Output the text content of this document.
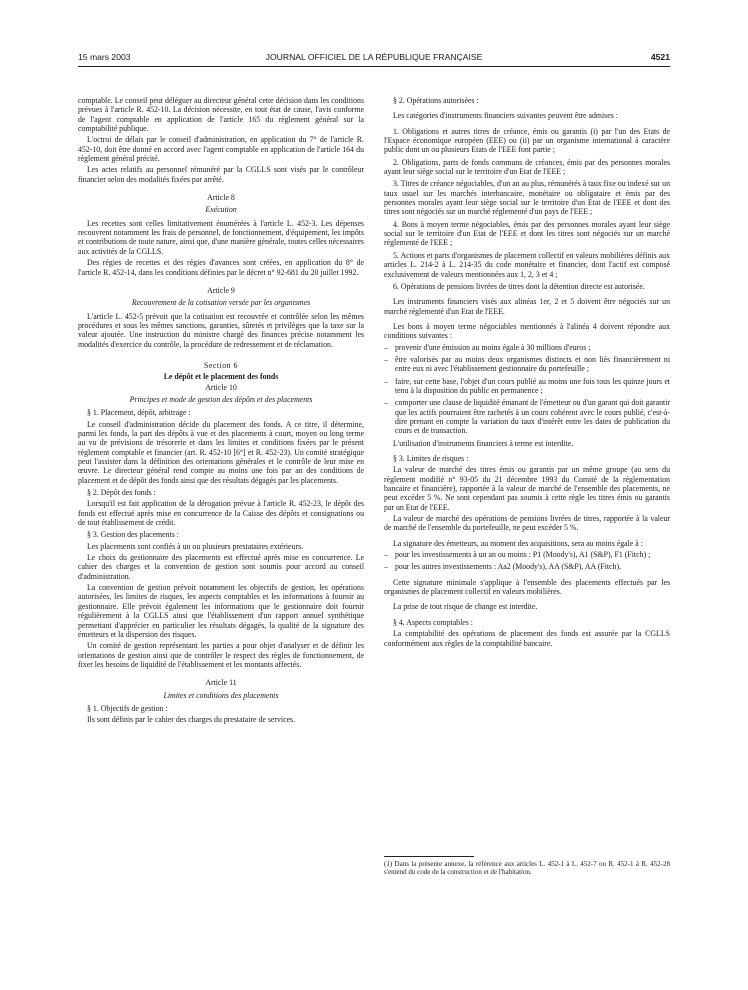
15 mars 2003	JOURNAL OFFICIEL DE LA RÉPUBLIQUE FRANÇAISE	4521

comptable. Le conseil peut déléguer au directeur général cette décision dans les conditions prévues à l'article R. 452-10. La décision nécessite, en tout état de cause, l'avis conforme de l'agent comptable en application de l'article 165 du règlement général sur la comptabilité publique.

L'octroi de délais par le conseil d'administration, en application du 7° de l'article R. 452-10, doit être donné en accord avec l'agent comptable en application de l'article 164 du règlement général précité.

Les actes relatifs au personnel rémunéré par la CGLLS sont visés par le contrôleur financier selon des modalités fixées par arrêté.

Article 8
Exécution

Les recettes sont celles limitativement énumérées à l'article L. 452-3. Les dépenses recouvrent notamment les frais de personnel, de fonctionnement, d'équipement, les impôts et contributions de toute nature, ainsi que, d'une manière générale, toutes celles nécessaires aux activités de la CGLLS.

Des régies de recettes et des régies d'avances sont créées, en application du 8° de l'article R. 452-14, dans les conditions définies par le décret n° 92-681 du 20 juillet 1992.

Article 9
Recouvrement de la cotisation versée par les organismes

L'article L. 452-5 prévoit que la cotisation est recouvrée et contrôlée selon les mêmes procédures et sous les mêmes sanctions, garanties, sûretés et privilèges que la taxe sur la valeur ajoutée. Une instruction du ministre chargé des finances précise notamment les modalités d'exercice du contrôle, la procédure de redressement et de réclamation.

Section 6
Le dépôt et le placement des fonds
Article 10
Principes et mode de gestion des dépôts et des placements

§ 1. Placement, dépôt, arbitrage :

Le conseil d'administration décide du placement des fonds. A ce titre, il détermine, parmi les fonds, la part des dépôts à vue et des placements à court, moyen ou long terme au vu de prévisions de trésorerie et dans les limites et conditions fixées par le présent règlement comptable et financier (art. R. 452-10 [6°] et R. 452-23). Un comité stratégique peut l'assister dans la définition des orientations générales et le contrôle de leur mise en œuvre. Le directeur général rend compte au moins une fois par an des conditions de placement et de dépôt des fonds ainsi que des résultats dégagés par les placements.

§ 2. Dépôt des fonds :

Lorsqu'il est fait application de la dérogation prévue à l'article R. 452-23, le dépôt des fonds est effectué après mise en concurrence de la Caisse des dépôts et consignations ou de tout établissement de crédit.

§ 3. Gestion des placements :

Les placements sont confiés à un ou plusieurs prestataires extérieurs.

Le choix du gestionnaire des placements est effectué après mise en concurrence. Le cahier des charges et la convention de gestion sont soumis pour accord au conseil d'administration.

La convention de gestion prévoit notamment les objectifs de gestion, les opérations autorisées, les limites de risques, les aspects comptables et les informations à fournir au gestionnaire. Elle prévoit également les informations que le gestionnaire doit fournir régulièrement à la CGLLS ainsi que l'établissement d'un rapport annuel synthétique permettant d'apprécier en particulier les résultats dégagés, la qualité de la signature des émetteurs et la dispersion des risques.

Un comité de gestion représentant les parties a pour objet d'analyser et de définir les orientations de gestion ainsi que de contrôler le respect des règles de fonctionnement, de fixer les besoins de liquidité de l'établissement et les montants affectés.

Article 11
Limites et conditions des placements

§ 1. Objectifs de gestion :

Ils sont définis par le cahier des charges du prestataire de services.

§ 2. Opérations autorisées :

Les catégories d'instruments financiers suivantes peuvent être admises :

1. Obligations et autres titres de créance, émis ou garantis (i) par l'un des Etats de l'Espace économique européen (EEE) ou (ii) par un organisme international à caractère public dont un ou plusieurs Etats de l'EEE font partie ;

2. Obligations, parts de fonds communs de créances, émis par des personnes morales ayant leur siège social sur le territoire d'un Etat de l'EEE ;

3. Titres de créance négociables, d'un an au plus, rémunérés à taux fixe ou indexé sur un taux usuel sur les marchés interbancaire, monétaire ou obligataire et émis par des personnes morales ayant leur siège social sur le territoire d'un Etat de l'EEE et dont des titres sont négociés sur un marché réglementé d'un pays de l'EEE ;

4. Bons à moyen terme négociables, émis par des personnes morales ayant leur siège social sur le territoire d'un Etat de l'EEE et dont les titres sont négociés sur un marché réglementé de l'EEE ;

5. Actions et parts d'organismes de placement collectif en valeurs mobilières définis aux articles L. 214-2 à L. 214-35 du code monétaire et financier, dont l'actif est composé exclusivement de valeurs mentionnées aux 1, 2, 3 et 4 ;

6. Opérations de pensions livrées de titres dont la détention directe est autorisée.

Les instruments financiers visés aux alinéas 1er, 2 et 5 doivent être négociés sur un marché réglementé d'un Etat de l'EEE.

Les bons à moyen terme négociables mentionnés à l'alinéa 4 doivent répondre aux conditions suivantes :

– provenir d'une émission au moins égale à 30 millions d'euros ;
– être valorisés par au moins deux organismes distincts et non liés financièrement ni entre eux ni avec l'établissement gestionnaire du portefeuille ;
– faire, sur cette base, l'objet d'un cours publié au moins une fois tous les quinze jours et tenu à la disposition du public en permanence ;
– comporter une clause de liquidité émanant de l'émetteur ou d'un garant qui doit garantir que les actifs pourraient être rachetés à un cours cohérent avec le cours publié, c'est-à-dire prenant en compte la variation du taux d'intérêt entre les dates de publication du cours et de transaction.

L'utilisation d'instruments financiers à terme est interdite.

§ 3. Limites de risques :

La valeur de marché des titres émis ou garantis par un même groupe (au sens du règlement modifié n° 93-05 du 21 décembre 1993 du Comité de la réglementation bancaire et financière), rapportée à la valeur de marché de l'ensemble des placements, ne peut excéder 5 %. Ne sont cependant pas soumis à cette règle les titres émis ou garantis par un Etat de l'EEE.

La valeur de marché des opérations de pensions livrées de titres, rapportée à la valeur de marché de l'ensemble du portefeuille, ne peut excéder 5 %.

La signature des émetteurs, au moment des acquisitions, sera au moins égale à :

– pour les investissements à un an ou moins : P1 (Moody's), A1 (S&P), F1 (Fitch) ;
– pour les autres investissements : Aa2 (Moody's), AA (S&P), AA (Fitch).

Cette signature minimale s'applique à l'ensemble des placements effectués par les organismes de placement collectif en valeurs mobilières.

La prise de tout risque de change est interdite.

§ 4. Aspects comptables :

La comptabilité des opérations de placement des fonds est assurée par la CGLLS conformément aux règles de la comptabilité bancaire.

(1) Dans la présente annexe, la référence aux articles L. 452-1 à L. 452-7 ou R. 452-1 à R. 452-28 s'entend du code de la construction et de l'habitation.
